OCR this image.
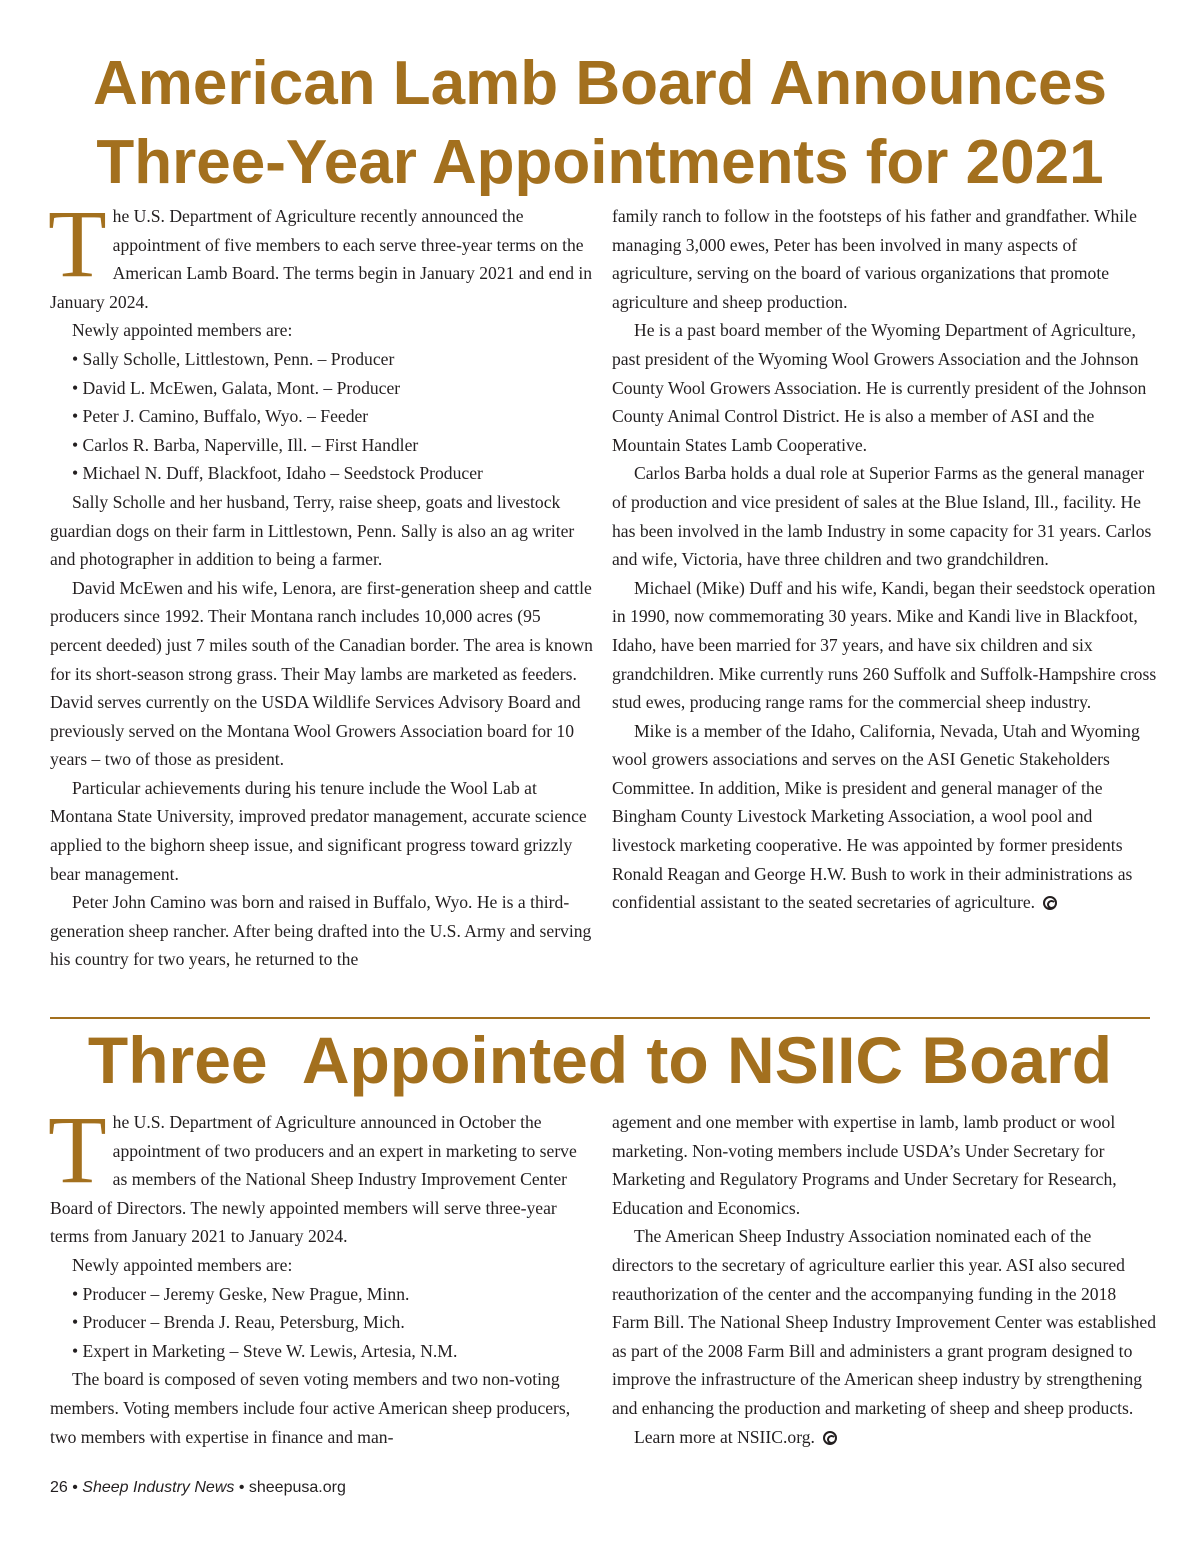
American Lamb Board Announces
Three-Year Appointments for 2021

The U.S. Department of Agriculture recently announced the appointment of five members to each serve three-year terms on the American Lamb Board. The terms begin in January 2021 and end in January 2024.

Newly appointed members are:

• Sally Scholle, Littlestown, Penn. – Producer

• David L. McEwen, Galata, Mont. – Producer

• Peter J. Camino, Buffalo, Wyo. – Feeder

• Carlos R. Barba, Naperville, Ill. – First Handler

• Michael N. Duff, Blackfoot, Idaho – Seedstock Producer

Sally Scholle and her husband, Terry, raise sheep, goats and livestock guardian dogs on their farm in Littlestown, Penn. Sally is also an ag writer and photographer in addition to being a farmer.

David McEwen and his wife, Lenora, are first-generation sheep and cattle producers since 1992. Their Montana ranch includes 10,000 acres (95 percent deeded) just 7 miles south of the Canadian border. The area is known for its short-season strong grass. Their May lambs are marketed as feeders. David serves currently on the USDA Wildlife Services Advisory Board and previously served on the Montana Wool Growers Association board for 10 years – two of those as president.

Particular achievements during his tenure include the Wool Lab at Montana State University, improved predator management, accurate science applied to the bighorn sheep issue, and significant progress toward grizzly bear management.

Peter John Camino was born and raised in Buffalo, Wyo. He is a third-generation sheep rancher. After being drafted into the U.S. Army and serving his country for two years, he returned to the

family ranch to follow in the footsteps of his father and grandfather. While managing 3,000 ewes, Peter has been involved in many aspects of agriculture, serving on the board of various organizations that promote agriculture and sheep production.

He is a past board member of the Wyoming Department of Agriculture, past president of the Wyoming Wool Growers Association and the Johnson County Wool Growers Association. He is currently president of the Johnson County Animal Control District. He is also a member of ASI and the Mountain States Lamb Cooperative.

Carlos Barba holds a dual role at Superior Farms as the general manager of production and vice president of sales at the Blue Island, Ill., facility. He has been involved in the lamb Industry in some capacity for 31 years. Carlos and wife, Victoria, have three children and two grandchildren.

Michael (Mike) Duff and his wife, Kandi, began their seedstock operation in 1990, now commemorating 30 years. Mike and Kandi live in Blackfoot, Idaho, have been married for 37 years, and have six children and six grandchildren. Mike currently runs 260 Suffolk and Suffolk-Hampshire cross stud ewes, producing range rams for the commercial sheep industry.

Mike is a member of the Idaho, California, Nevada, Utah and Wyoming wool growers associations and serves on the ASI Genetic Stakeholders Committee. In addition, Mike is president and general manager of the Bingham County Livestock Marketing Association, a wool pool and livestock marketing cooperative. He was appointed by former presidents Ronald Reagan and George H.W. Bush to work in their administrations as confidential assistant to the seated secretaries of agriculture.

Three  Appointed to NSIIC Board

The U.S. Department of Agriculture announced in October the appointment of two producers and an expert in marketing to serve as members of the National Sheep Industry Improvement Center Board of Directors. The newly appointed members will serve three-year terms from January 2021 to January 2024.

Newly appointed members are:

• Producer – Jeremy Geske, New Prague, Minn.

• Producer – Brenda J. Reau, Petersburg, Mich.

• Expert in Marketing – Steve W. Lewis, Artesia, N.M.

The board is composed of seven voting members and two non-voting members. Voting members include four active American sheep producers, two members with expertise in finance and man-

agement and one member with expertise in lamb, lamb product or wool marketing. Non-voting members include USDA’s Under Secretary for Marketing and Regulatory Programs and Under Secretary for Research, Education and Economics.

The American Sheep Industry Association nominated each of the directors to the secretary of agriculture earlier this year. ASI also secured reauthorization of the center and the accompanying funding in the 2018 Farm Bill. The National Sheep Industry Improvement Center was established as part of the 2008 Farm Bill and administers a grant program designed to improve the infrastructure of the American sheep industry by strengthening and enhancing the production and marketing of sheep and sheep products.

Learn more at NSIIC.org.

26 • Sheep Industry News • sheepusa.org
